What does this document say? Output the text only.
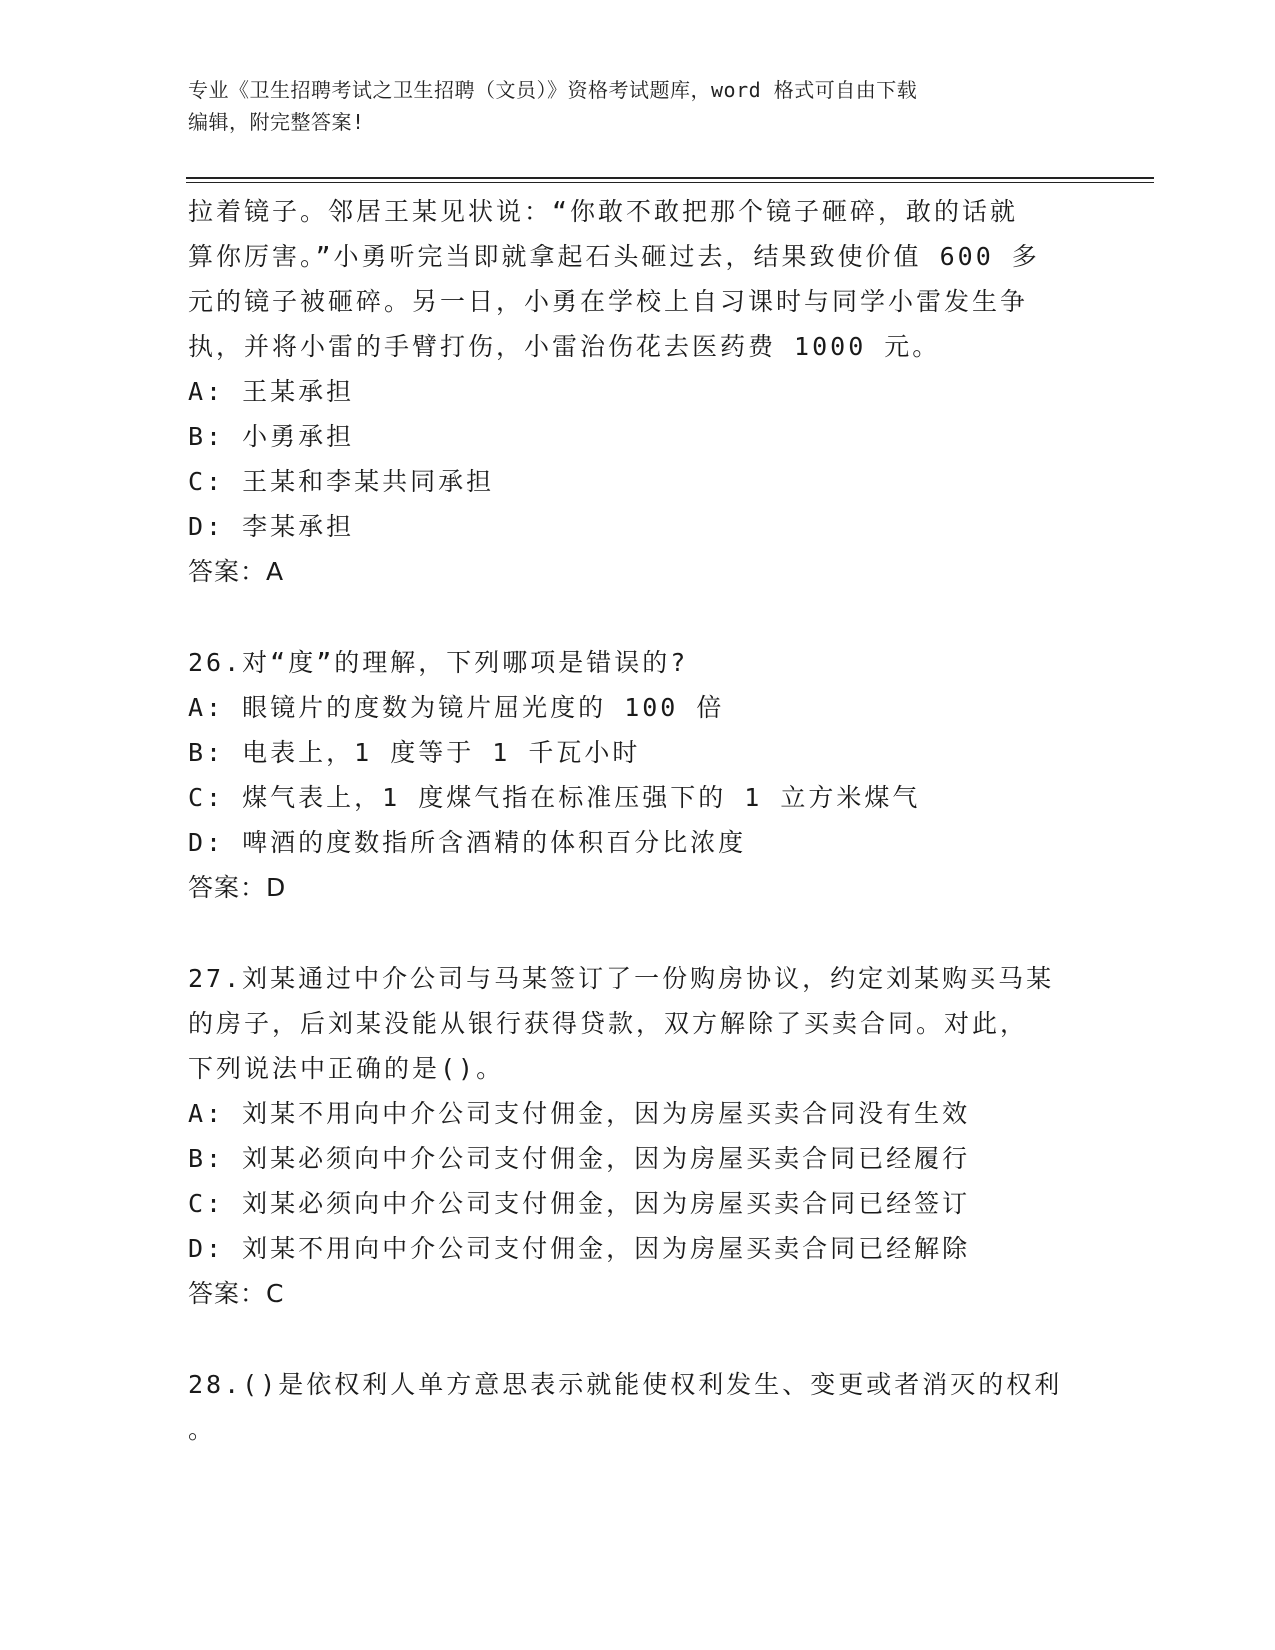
专业《卫生招聘考试之卫生招聘（文员）》资格考试题库，word 格式可自由下载
编辑，附完整答案!
拉着镜子。邻居王某见状说：“你敢不敢把那个镜子砸碎，敢的话就
算你厉害。”小勇听完当即就拿起石头砸过去，结果致使价值 600 多
元的镜子被砸碎。另一日，小勇在学校上自习课时与同学小雷发生争
执，并将小雷的手臂打伤，小雷治伤花去医药费 1000 元。
A: 王某承担
B: 小勇承担
C: 王某和李某共同承担
D: 李某承担
答案：A
26.对“度”的理解，下列哪项是错误的?
A: 眼镜片的度数为镜片屈光度的 100 倍
B: 电表上，1 度等于 1 千瓦小时
C: 煤气表上，1 度煤气指在标准压强下的 1 立方米煤气
D: 啤酒的度数指所含酒精的体积百分比浓度
答案：D
27.刘某通过中介公司与马某签订了一份购房协议，约定刘某购买马某
的房子，后刘某没能从银行获得贷款，双方解除了买卖合同。对此，
下列说法中正确的是()。
A: 刘某不用向中介公司支付佣金，因为房屋买卖合同没有生效
B: 刘某必须向中介公司支付佣金，因为房屋买卖合同已经履行
C: 刘某必须向中介公司支付佣金，因为房屋买卖合同已经签订
D: 刘某不用向中介公司支付佣金，因为房屋买卖合同已经解除
答案：C
28.()是依权利人单方意思表示就能使权利发生、变更或者消灭的权利
。
